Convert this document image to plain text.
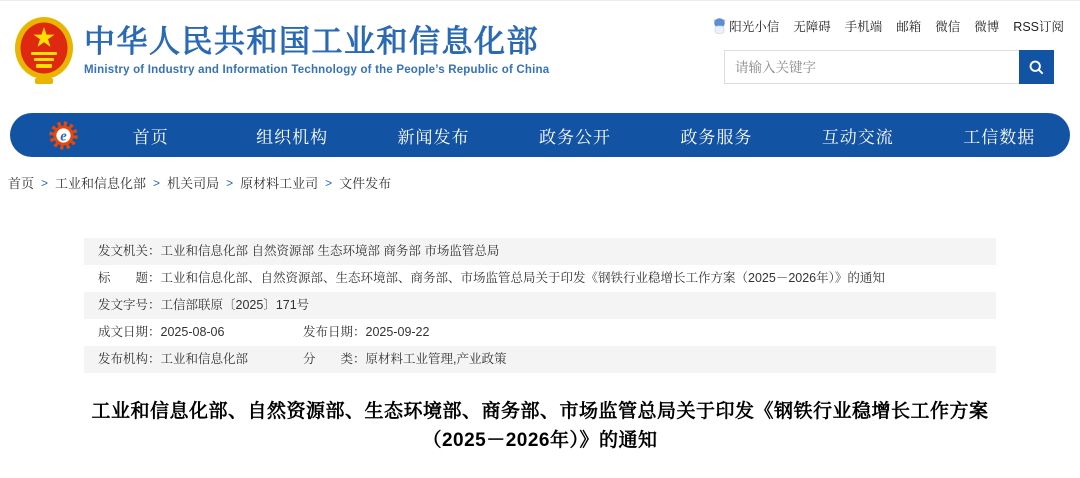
中华人民共和国工业和信息化部
Ministry of Industry and Information Technology of the People’s Republic of China
阳光小信 无障碍 手机端 邮箱 微信 微博 RSS订阅
请输入关键字
e	首页	组织机构	新闻发布	政务公开	政务服务	互动交流	工信数据
首页 > 工业和信息化部 > 机关司局 > 原材料工业司 > 文件发布
发文机关： 工业和信息化部 自然资源部 生态环境部 商务部 市场监管总局
标　　题： 工业和信息化部、自然资源部、生态环境部、商务部、市场监管总局关于印发《钢铁行业稳增长工作方案（2025－2026年）》的通知
发文字号： 工信部联原〔2025〕171号
成文日期： 2025-08-06	发布日期： 2025-09-22
发布机构： 工业和信息化部	分　　类： 原材料工业管理,产业政策
工业和信息化部、自然资源部、生态环境部、商务部、市场监管总局关于印发《钢铁行业稳增长工作方案（2025－2026年）》的通知
